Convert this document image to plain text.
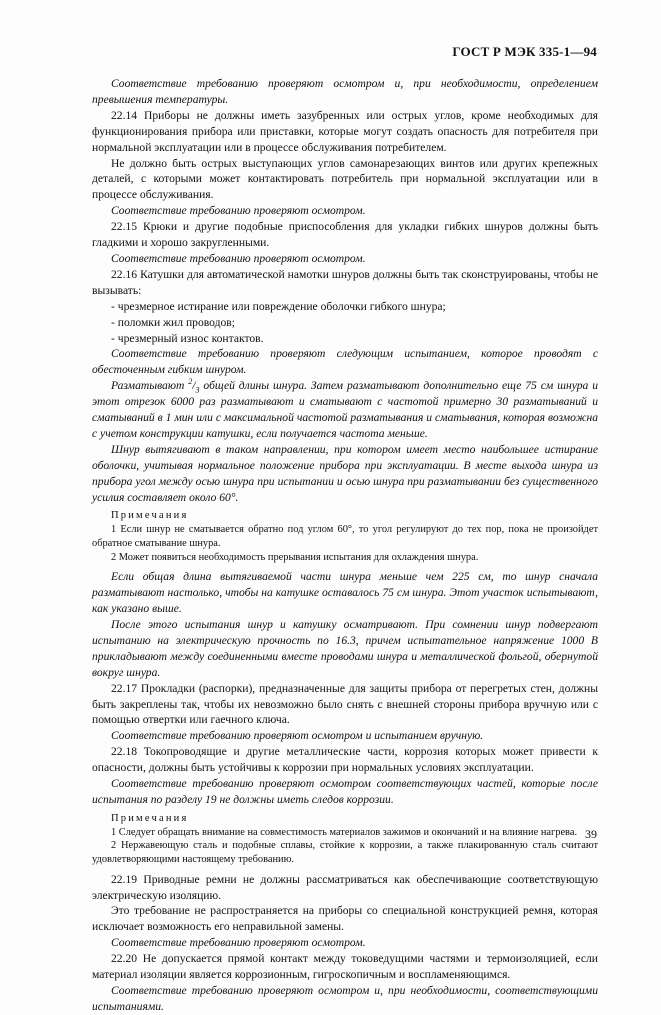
ГОСТ Р МЭК 335-1—94

Соответствие требованию проверяют осмотром и, при необходимости, определением превышения температуры.

22.14 Приборы не должны иметь зазубренных или острых углов, кроме необходимых для функционирования прибора или приставки, которые могут создать опасность для потребителя при нормальной эксплуатации или в процессе обслуживания потребителем.

Не должно быть острых выступающих углов самонарезающих винтов или других крепежных деталей, с которыми может контактировать потребитель при нормальной эксплуатации или в процессе обслуживания.

Соответствие требованию проверяют осмотром.

22.15 Крюки и другие подобные приспособления для укладки гибких шнуров должны быть гладкими и хорошо закругленными.

Соответствие требованию проверяют осмотром.

22.16 Катушки для автоматической намотки шнуров должны быть так сконструированы, чтобы не вызывать:

- чрезмерное истирание или повреждение оболочки гибкого шнура;

- поломки жил проводов;

- чрезмерный износ контактов.

Соответствие требованию проверяют следующим испытанием, которое проводят с обесточенным гибким шнуром.

Разматывают $^2/_3$ общей длины шнура. Затем разматывают дополнительно еще 75 см шнура и этот отрезок 6000 раз разматывают и сматывают с частотой примерно 30 разматываний и сматываний в 1 мин или с максимальной частотой разматывания и сматывания, которая возможна с учетом конструкции катушки, если получается частота меньше.

Шнур вытягивают в таком направлении, при котором имеет место наибольшее истирание оболочки, учитывая нормальное положение прибора при эксплуатации. В месте выхода шнура из прибора угол между осью шнура при испытании и осью шнура при разматывании без существенного усилия составляет около 60°.

Примечания

1 Если шнур не сматывается обратно под углом 60°, то угол регулируют до тех пор, пока не произойдет обратное сматывание шнура.

2 Может появиться необходимость прерывания испытания для охлаждения шнура.

Если общая длина вытягиваемой части шнура меньше чем 225 см, то шнур сначала разматывают настолько, чтобы на катушке оставалось 75 см шнура. Этот участок испытывают, как указано выше.

После этого испытания шнур и катушку осматривают. При сомнении шнур подвергают испытанию на электрическую прочность по 16.3, причем испытательное напряжение 1000 В прикладывают между соединенными вместе проводами шнура и металлической фольгой, обернутой вокруг шнура.

22.17 Прокладки (распорки), предназначенные для защиты прибора от перегретых стен, должны быть закреплены так, чтобы их невозможно было снять с внешней стороны прибора вручную или с помощью отвертки или гаечного ключа.

Соответствие требованию проверяют осмотром и испытанием вручную.

22.18 Токопроводящие и другие металлические части, коррозия которых может привести к опасности, должны быть устойчивы к коррозии при нормальных условиях эксплуатации.

Соответствие требованию проверяют осмотром соответствующих частей, которые после испытания по разделу 19 не должны иметь следов коррозии.

Примечания

1 Следует обращать внимание на совместимость материалов зажимов и окончаний и на влияние нагрева.

2 Нержавеющую сталь и подобные сплавы, стойкие к коррозии, а также плакированную сталь считают удовлетворяющими настоящему требованию.

22.19 Приводные ремни не должны рассматриваться как обеспечивающие соответствующую электрическую изоляцию.

Это требование не распространяется на приборы со специальной конструкцией ремня, которая исключает возможность его неправильной замены.

Соответствие требованию проверяют осмотром.

22.20 Не допускается прямой контакт между токоведущими частями и термоизоляцией, если материал изоляции является коррозионным, гигроскопичным и воспламеняющимся.

Соответствие требованию проверяют осмотром и, при необходимости, соответствующими испытаниями.

39
